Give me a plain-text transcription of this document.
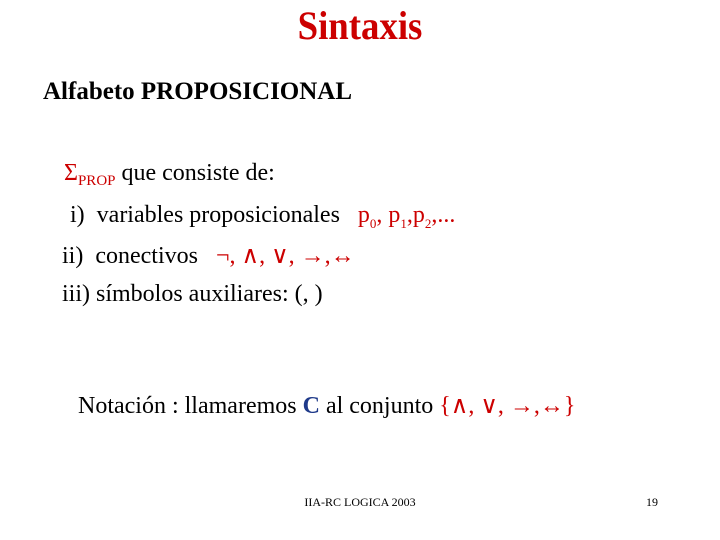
Sintaxis
Alfabeto PROPOSICIONAL
$\Sigma_{PROP}$ que consiste de:
i)  variables proposicionales   $p_0$, $p_1,p_2$,...
ii)  conectivos   ¬, ∧, ∨, →,↔
iii) símbolos auxiliares: (, )
Notación : llamaremos C al conjunto {∧, ∨, →,↔}
IIA-RC LOGICA 2003	19
